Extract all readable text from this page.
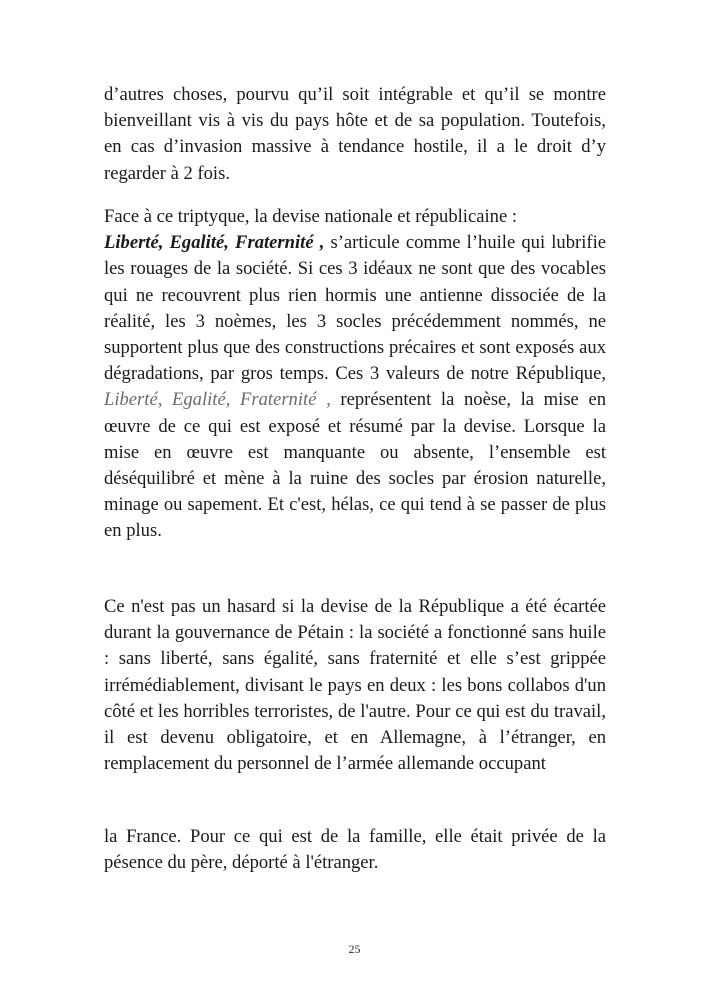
d’autres choses, pourvu qu’il soit intégrable et qu’il se montre bienveillant vis à vis du pays hôte et de sa population. Toutefois, en cas d’invasion massive à tendance hostile, il a le droit d’y regarder à 2 fois.

Face à ce triptyque, la devise nationale et républicaine :
Liberté, Egalité, Fraternité , s’articule comme l’huile qui lubrifie les rouages de la société. Si ces 3 idéaux ne sont que des vocables qui ne recouvrent plus rien hormis une antienne dissociée de la réalité, les 3 noèmes, les 3 socles précédemment nommés, ne supportent plus que des constructions précaires et sont exposés aux dégradations, par gros temps. Ces 3 valeurs de notre République, Liberté, Egalité, Fraternité , représentent la noèse, la mise en œuvre de ce qui est exposé et résumé par la devise. Lorsque la mise en œuvre est manquante ou absente, l’ensemble est déséquilibré et mène à la ruine des socles par érosion naturelle, minage ou sapement. Et c'est, hélas, ce qui tend à se passer de plus en plus.

Ce n'est pas un hasard si la devise de la République a été écartée durant la gouvernance de Pétain : la société a fonctionné sans huile : sans liberté, sans égalité, sans fraternité et elle s’est grippée irrémédiablement, divisant le pays en deux : les bons collabos d'un côté et les horribles terroristes, de l'autre. Pour ce qui est du travail, il est devenu obligatoire, et en Allemagne, à l’étranger, en remplacement du personnel de l’armée allemande occupant

la France. Pour ce qui est de la famille, elle était privée de la pésence du père, déporté à l'étranger.

25
